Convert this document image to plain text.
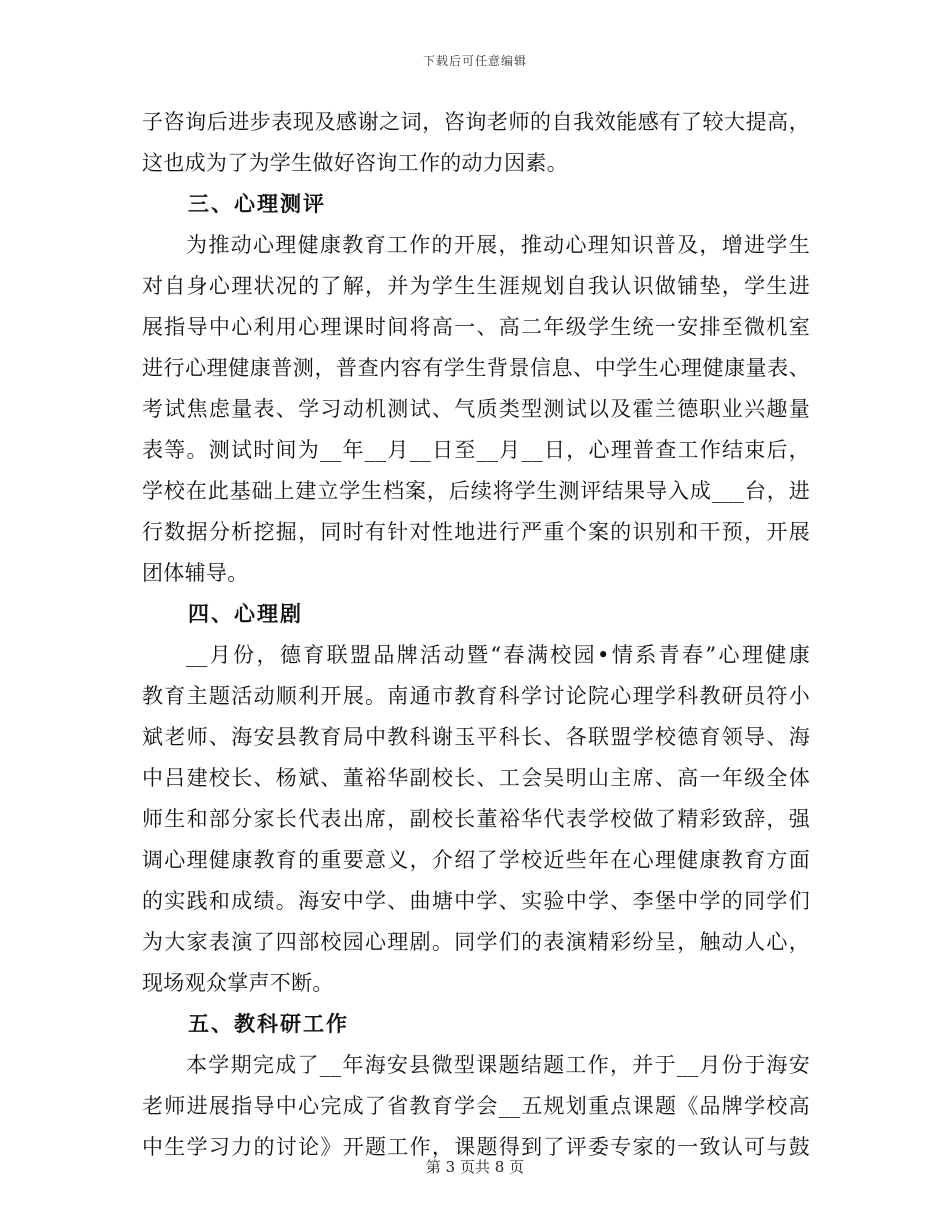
下载后可任意编辑
子咨询后进步表现及感谢之词，咨询老师的自我效能感有了较大提高，
这也成为了为学生做好咨询工作的动力因素。
三、心理测评
为推动心理健康教育工作的开展，推动心理知识普及，增进学生
对自身心理状况的了解，并为学生生涯规划自我认识做铺垫，学生进
展指导中心利用心理课时间将高一、高二年级学生统一安排至微机室
进行心理健康普测，普查内容有学生背景信息、中学生心理健康量表、
考试焦虑量表、学习动机测试、气质类型测试以及霍兰德职业兴趣量
表等。测试时间为__年__月__日至__月__日，心理普查工作结束后，
学校在此基础上建立学生档案，后续将学生测评结果导入成___台，进
行数据分析挖掘，同时有针对性地进行严重个案的识别和干预，开展
团体辅导。
四、心理剧
__月份，德育联盟品牌活动暨“春满校园•情系青春”心理健康
教育主题活动顺利开展。南通市教育科学讨论院心理学科教研员符小
斌老师、海安县教育局中教科谢玉平科长、各联盟学校德育领导、海
中吕建校长、杨斌、董裕华副校长、工会吴明山主席、高一年级全体
师生和部分家长代表出席，副校长董裕华代表学校做了精彩致辞，强
调心理健康教育的重要意义，介绍了学校近些年在心理健康教育方面
的实践和成绩。海安中学、曲塘中学、实验中学、李堡中学的同学们
为大家表演了四部校园心理剧。同学们的表演精彩纷呈，触动人心，
现场观众掌声不断。
五、教科研工作
本学期完成了__年海安县微型课题结题工作，并于__月份于海安
老师进展指导中心完成了省教育学会__五规划重点课题《品牌学校高
中生学习力的讨论》开题工作，课题得到了评委专家的一致认可与鼓
第 3 页共 8 页
